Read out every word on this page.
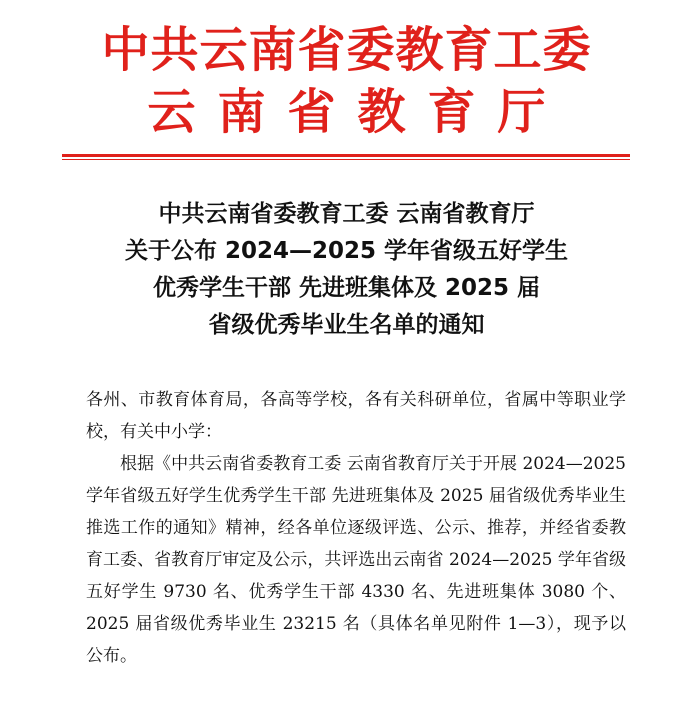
中共云南省委教育工委
云南省教育厅
中共云南省委教育工委 云南省教育厅
关于公布 2024—2025 学年省级五好学生
优秀学生干部 先进班集体及 2025 届
省级优秀毕业生名单的通知

各州、市教育体育局，各高等学校，各有关科研单位，省属中等职业学校，有关中小学：

根据《中共云南省委教育工委 云南省教育厅关于开展 2024—2025 学年省级五好学生优秀学生干部 先进班集体及 2025 届省级优秀毕业生推选工作的通知》精神，经各单位逐级评选、公示、推荐，并经省委教育工委、省教育厅审定及公示，共评选出云南省 2024—2025 学年省级五好学生 9730 名、优秀学生干部 4330 名、先进班集体 3080 个、2025 届省级优秀毕业生 23215 名（具体名单见附件 1—3），现予以公布。
